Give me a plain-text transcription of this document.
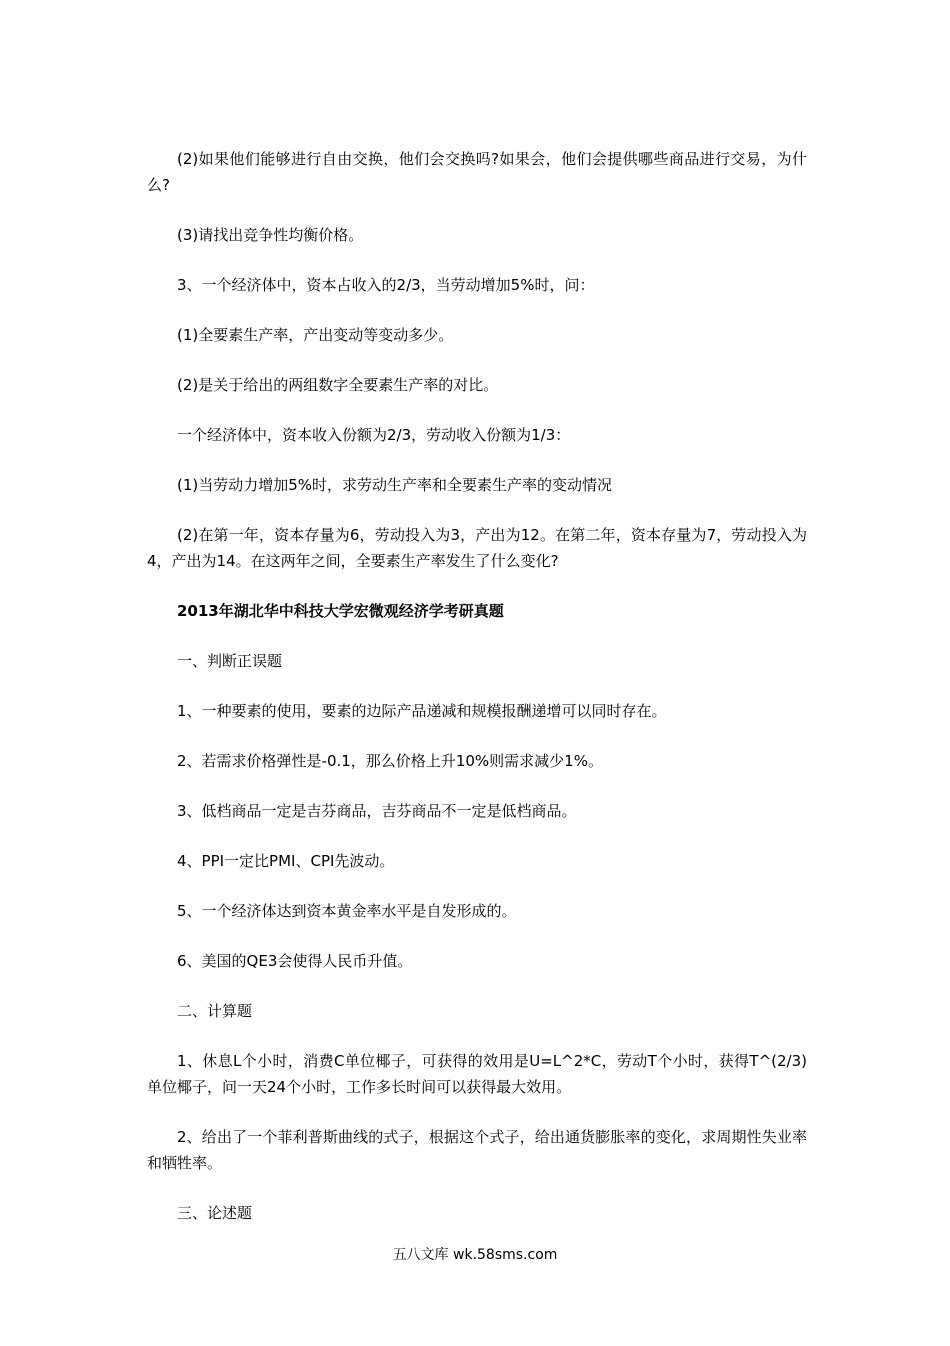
(2)如果他们能够进行自由交换，他们会交换吗?如果会，他们会提供哪些商品进行交易，为什么?

(3)请找出竞争性均衡价格。

3、一个经济体中，资本占收入的2/3，当劳动增加5%时，问：

(1)全要素生产率，产出变动等变动多少。

(2)是关于给出的两组数字全要素生产率的对比。

一个经济体中，资本收入份额为2/3，劳动收入份额为1/3：

(1)当劳动力增加5%时，求劳动生产率和全要素生产率的变动情况

(2)在第一年，资本存量为6，劳动投入为3，产出为12。在第二年，资本存量为7，劳动投入为4，产出为14。在这两年之间，全要素生产率发生了什么变化?

2013年湖北华中科技大学宏微观经济学考研真题

一、判断正误题

1、一种要素的使用，要素的边际产品递减和规模报酬递增可以同时存在。

2、若需求价格弹性是-0.1，那么价格上升10%则需求减少1%。

3、低档商品一定是吉芬商品，吉芬商品不一定是低档商品。

4、PPI一定比PMI、CPI先波动。

5、一个经济体达到资本黄金率水平是自发形成的。

6、美国的QE3会使得人民币升值。

二、计算题

1、休息L个小时，消费C单位椰子，可获得的效用是U=L^2*C，劳动T个小时，获得T^(2/3)单位椰子，问一天24个小时，工作多长时间可以获得最大效用。

2、给出了一个菲利普斯曲线的式子，根据这个式子，给出通货膨胀率的变化，求周期性失业率和牺牲率。

三、论述题

五八文库 wk.58sms.com
